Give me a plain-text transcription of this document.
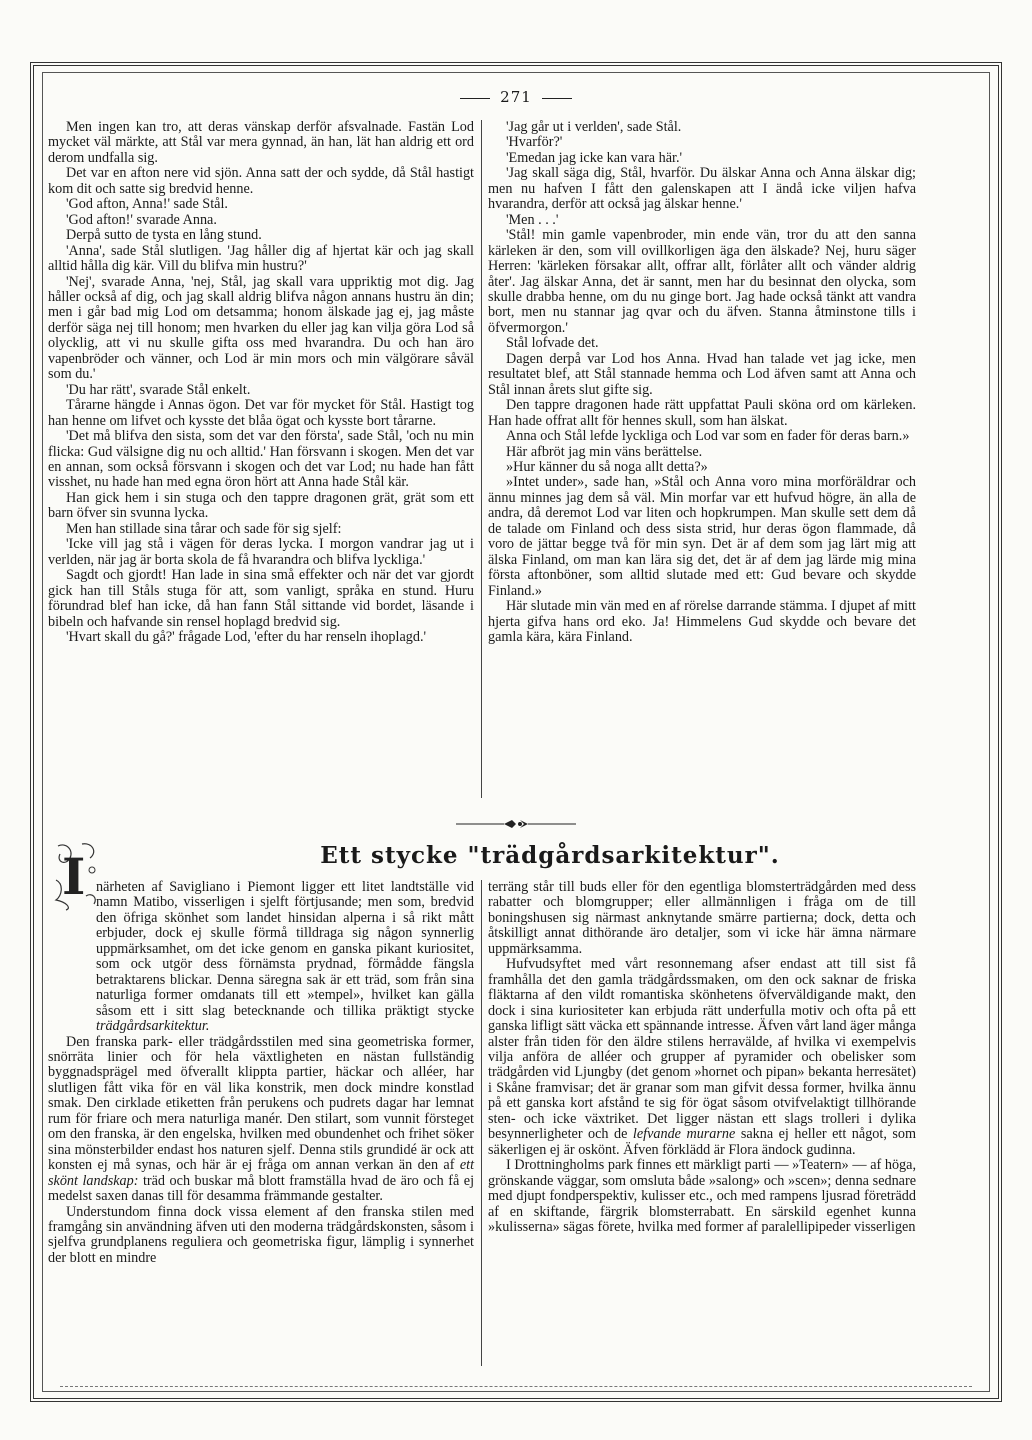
271

Men ingen kan tro, att deras vänskap derför afsvalnade. Fastän Lod mycket väl märkte, att Stål var mera gynnad, än han, lät han aldrig ett ord derom undfalla sig.

Det var en afton nere vid sjön. Anna satt der och sydde, då Stål hastigt kom dit och satte sig bredvid henne.

'God afton, Anna!' sade Stål.

'God afton!' svarade Anna.

Derpå sutto de tysta en lång stund.

'Anna', sade Stål slutligen. 'Jag håller dig af hjertat kär och jag skall alltid hålla dig kär. Vill du blifva min hustru?'

'Nej', svarade Anna, 'nej, Stål, jag skall vara uppriktig mot dig. Jag håller också af dig, och jag skall aldrig blifva någon annans hustru än din; men i går bad mig Lod om detsamma; honom älskade jag ej, jag måste derför säga nej till honom; men hvarken du eller jag kan vilja göra Lod så olycklig, att vi nu skulle gifta oss med hvarandra. Du och han äro vapenbröder och vänner, och Lod är min mors och min välgörare såväl som du.'

'Du har rätt', svarade Stål enkelt.

Tårarne hängde i Annas ögon. Det var för mycket för Stål. Hastigt tog han henne om lifvet och kysste det blåa ögat och kysste bort tårarne.

'Det må blifva den sista, som det var den första', sade Stål, 'och nu min flicka: Gud välsigne dig nu och alltid.' Han försvann i skogen. Men det var en annan, som också försvann i skogen och det var Lod; nu hade han fått visshet, nu hade han med egna öron hört att Anna hade Stål kär.

Han gick hem i sin stuga och den tappre dragonen grät, grät som ett barn öfver sin svunna lycka.

Men han stillade sina tårar och sade för sig sjelf:

'Icke vill jag stå i vägen för deras lycka. I morgon vandrar jag ut i verlden, när jag är borta skola de få hvarandra och blifva lyckliga.'

Sagdt och gjordt! Han lade in sina små effekter och när det var gjordt gick han till Ståls stuga för att, som vanligt, språka en stund. Huru förundrad blef han icke, då han fann Stål sittande vid bordet, läsande i bibeln och hafvande sin rensel hoplagd bredvid sig.

'Hvart skall du gå?' frågade Lod, 'efter du har renseln ihoplagd.'

'Jag går ut i verlden', sade Stål.

'Hvarför?'

'Emedan jag icke kan vara här.'

'Jag skall säga dig, Stål, hvarför. Du älskar Anna och Anna älskar dig; men nu hafven I fått den galenskapen att I ändå icke viljen hafva hvarandra, derför att också jag älskar henne.'

'Men . . .'

'Stål! min gamle vapenbroder, min ende vän, tror du att den sanna kärleken är den, som vill ovillkorligen äga den älskade? Nej, huru säger Herren: 'kärleken försakar allt, offrar allt, förlåter allt och vänder aldrig åter'. Jag älskar Anna, det är sannt, men har du besinnat den olycka, som skulle drabba henne, om du nu ginge bort. Jag hade också tänkt att vandra bort, men nu stannar jag qvar och du äfven. Stanna åtminstone tills i öfvermorgon.'

Stål lofvade det.

Dagen derpå var Lod hos Anna. Hvad han talade vet jag icke, men resultatet blef, att Stål stannade hemma och Lod äfven samt att Anna och Stål innan årets slut gifte sig.

Den tappre dragonen hade rätt uppfattat Pauli sköna ord om kärleken. Han hade offrat allt för hennes skull, som han älskat.

Anna och Stål lefde lyckliga och Lod var som en fader för deras barn.»

Här afbröt jag min väns berättelse.

»Hur känner du så noga allt detta?»

»Intet under», sade han, »Stål och Anna voro mina morföräldrar och ännu minnes jag dem så väl. Min morfar var ett hufvud högre, än alla de andra, då deremot Lod var liten och hopkrumpen. Man skulle sett dem då de talade om Finland och dess sista strid, hur deras ögon flammade, då voro de jättar begge två för min syn. Det är af dem som jag lärt mig att älska Finland, om man kan lära sig det, det är af dem jag lärde mig mina första aftonböner, som alltid slutade med ett: Gud bevare och skydde Finland.»

Här slutade min vän med en af rörelse darrande stämma. I djupet af mitt hjerta gifva hans ord eko. Ja! Himmelens Gud skydde och bevare det gamla kära, kära Finland.

I	Ett stycke "trädgårdsarkitektur".

närheten af Savigliano i Piemont ligger ett litet landtställe vid namn Matibo, visserligen i sjelft förtjusande; men som, bredvid den öfriga skönhet som landet hinsidan alperna i så rikt mått erbjuder, dock ej skulle förmå tilldraga sig någon synnerlig uppmärksamhet, om det icke genom en ganska pikant kuriositet, som ock utgör dess förnämsta prydnad, förmådde fängsla betraktarens blickar. Denna säregna sak är ett träd, som från sina naturliga former omdanats till ett »tempel», hvilket kan gälla såsom ett i sitt slag betecknande och tillika präktigt stycke trädgårdsarkitektur.

Den franska park- eller trädgårdsstilen med sina geometriska former, snörräta linier och för hela växtligheten en nästan fullständig byggnadsprägel med öfverallt klippta partier, häckar och alléer, har slutligen fått vika för en väl lika konstrik, men dock mindre konstlad smak. Den cirklade etiketten från perukens och pudrets dagar har lemnat rum för friare och mera naturliga manér. Den stilart, som vunnit försteget om den franska, är den engelska, hvilken med obundenhet och frihet söker sina mönsterbilder endast hos naturen sjelf. Denna stils grundidé är ock att konsten ej må synas, och här är ej fråga om annan verkan än den af ett skönt landskap: träd och buskar må blott framställa hvad de äro och få ej medelst saxen danas till för desamma främmande gestalter.

Understundom finna dock vissa element af den franska stilen med framgång sin användning äfven uti den moderna trädgårdskonsten, såsom i sjelfva grundplanens regulierа och geometriska figur, lämplig i synnerhet der blott en mindre

terräng står till buds eller för den egentliga blomsterträdgården med dess rabatter och blomgrupper; eller allmännligen i fråga om de till boningshusen sig närmast anknytande smärre partierna; dock, detta och åtskilligt annat dithörande äro detaljer, som vi icke här ämna närmare uppmärksamma.

Hufvudsyftet med vårt resonnemang afser endast att till sist få framhålla det den gamla trädgårdssmaken, om den ock saknar de friska fläktarna af den vildt romantiska skönhetens öfverväldigande makt, den dock i sina kuriositeter kan erbjuda rätt underfulla motiv och ofta på ett ganska lifligt sätt väcka ett spännande intresse. Äfven vårt land äger många alster från tiden för den äldre stilens herravälde, af hvilka vi exempelvis vilja anföra de alléer och grupper af pyramider och obelisker som trädgården vid Ljungby (det genom »hornet och pipan» bekanta herresätet) i Skåne framvisar; det är granar som man gifvit dessa former, hvilka ännu på ett ganska kort afstånd te sig för ögat såsom otvifvelaktigt tillhörande sten- och icke växtriket. Det ligger nästan ett slags trolleri i dylika besynnerligheter och de lefvande murarne sakna ej heller ett något, som säkerligen ej är oskönt. Äfven förklädd är Flora ändock gudinna.

I Drottningholms park finnes ett märkligt parti — »Teatern» — af höga, grönskande väggar, som omsluta både »salong» och »scen»; denna sednare med djupt fondperspektiv, kulisser etc., och med rampens ljusrad företrädd af en skiftande, färgrik blomsterrabatt. En särskild egenhet kunna »kulisserna» sägas förete, hvilka med former af paralellipipeder visserligen
